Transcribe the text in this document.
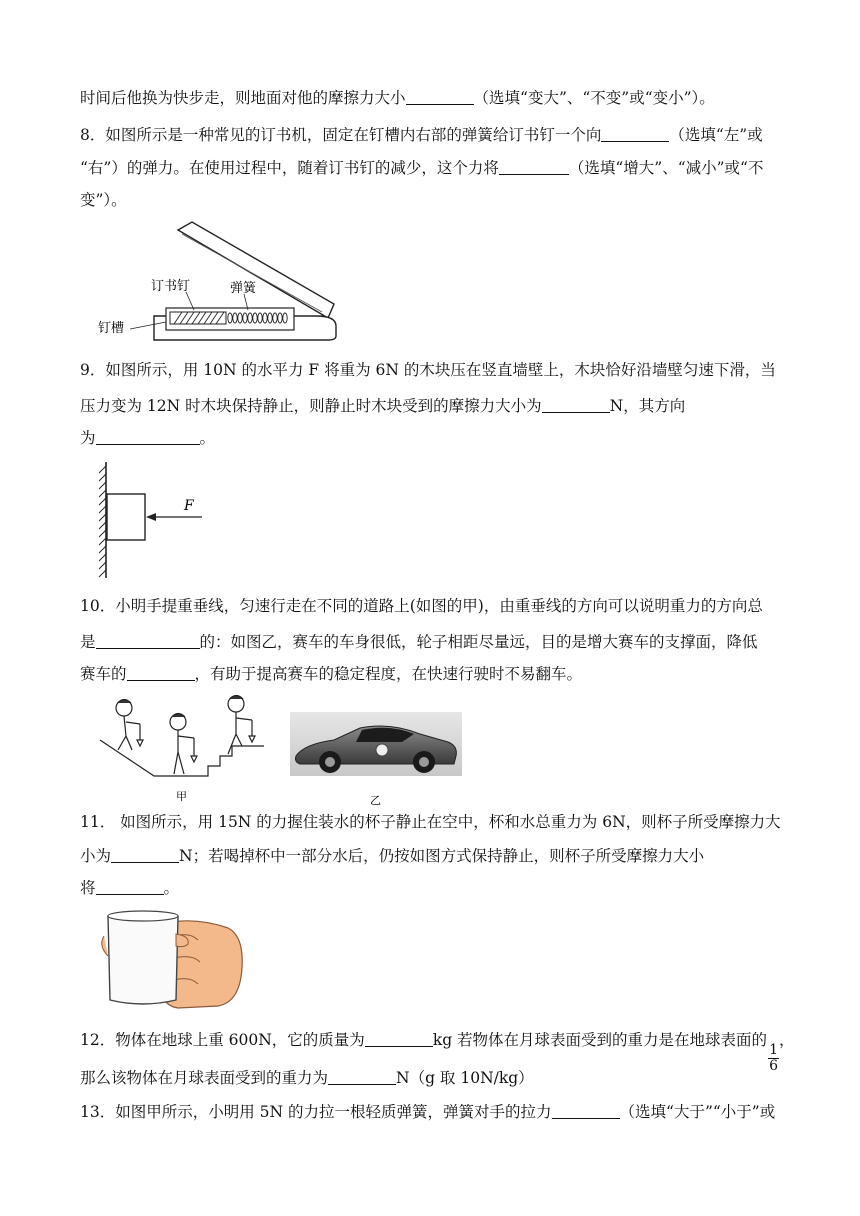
时间后他换为快步走，则地面对他的摩擦力大小	（选填“变大”、“不变”或“变小”）。
8．如图所示是一种常见的订书机，固定在钉槽内右部的弹簧给订书钉一个向	（选填“左”或
“右”）的弹力。在使用过程中，随着订书钉的减少，这个力将	（选填“增大”、“减小”或“不
变”）。
订书钉	弹簧
钉槽
9．如图所示，用 10N 的水平力 F 将重为 6N 的木块压在竖直墙壁上，木块恰好沿墙壁匀速下滑，当
压力变为 12N 时木块保持静止，则静止时木块受到的摩擦力大小为	N，其方向
为	。
F
10．小明手提重垂线，匀速行走在不同的道路上(如图的甲)，由重垂线的方向可以说明重力的方向总
是	的：如图乙，赛车的车身很低，轮子相距尽量远，目的是增大赛车的支撑面，降低
赛车的	，有助于提高赛车的稳定程度，在快速行驶时不易翻车。
甲	乙
11． 如图所示，用 15N 的力握住装水的杯子静止在空中，杯和水总重力为 6N，则杯子所受摩擦力大
小为	N；若喝掉杯中一部分水后，仍按如图方式保持静止，则杯子所受摩擦力大小
将	。
12．物体在地球上重 600N，它的质量为	kg 若物体在月球表面受到的重力是在地球表面的
$\frac{1}{6}$
，
那么该物体在月球表面受到的重力为	N（g 取 10N/kg）
13．如图甲所示，小明用 5N 的力拉一根轻质弹簧，弹簧对手的拉力	（选填“大于”“小于”或
